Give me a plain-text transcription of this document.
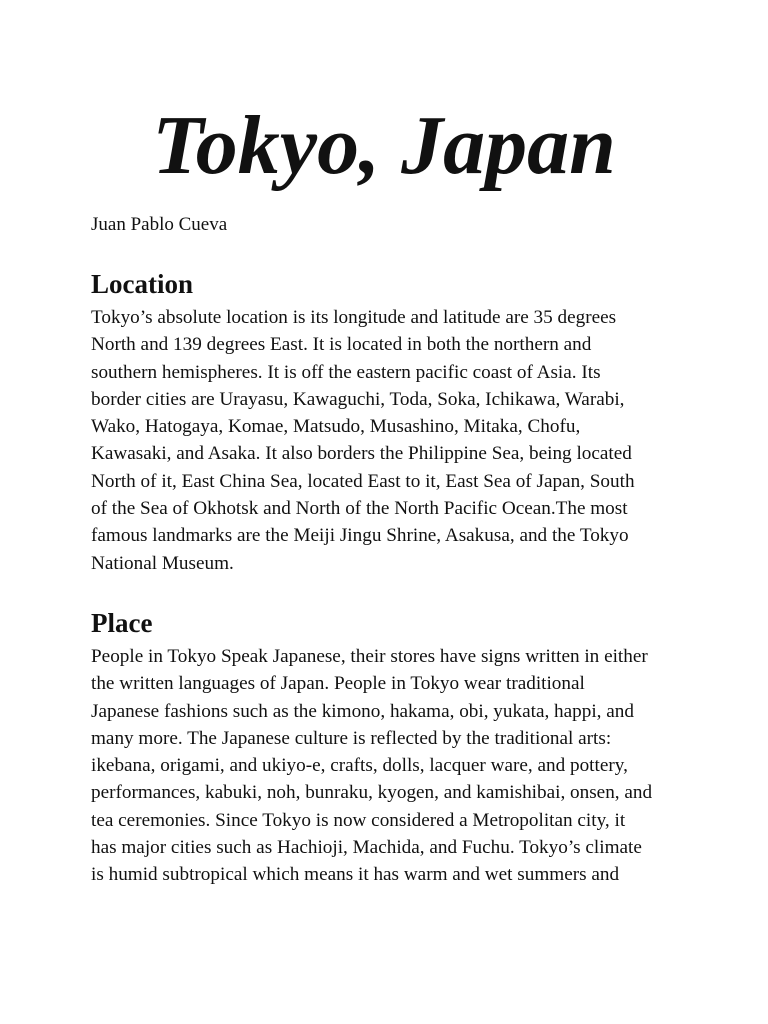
Tokyo, Japan

Juan Pablo Cueva

Location

Tokyo’s absolute location is its longitude and latitude are 35 degrees
North and 139 degrees East. It is located in both the northern and
southern hemispheres. It is off the eastern pacific coast of Asia. Its
border cities are Urayasu, Kawaguchi, Toda, Soka, Ichikawa, Warabi,
Wako, Hatogaya, Komae, Matsudo, Musashino, Mitaka, Chofu,
Kawasaki, and Asaka. It also borders the Philippine Sea, being located
North of it, East China Sea, located East to it, East Sea of Japan, South
of the Sea of Okhotsk and North of the North Pacific Ocean.The most
famous landmarks are the Meiji Jingu Shrine, Asakusa, and the Tokyo
National Museum.

Place

People in Tokyo Speak Japanese, their stores have signs written in either
the written languages of Japan. People in Tokyo wear traditional
Japanese fashions such as the kimono, hakama, obi, yukata, happi, and
many more. The Japanese culture is reflected by the traditional arts:
ikebana, origami, and ukiyo-e, crafts, dolls, lacquer ware, and pottery,
performances, kabuki, noh, bunraku, kyogen, and kamishibai, onsen, and
tea ceremonies. Since Tokyo is now considered a Metropolitan city, it
has major cities such as Hachioji, Machida, and Fuchu. Tokyo’s climate
is humid subtropical which means it has warm and wet summers and
